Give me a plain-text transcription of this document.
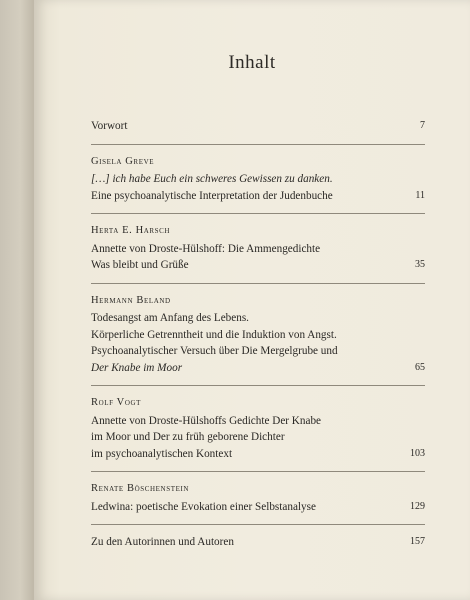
Inhalt
Vorwort	7
Gisela Greve
[…] ich habe Euch ein schweres Gewissen zu danken.
Eine psychoanalytische Interpretation der Judenbuche	11
Herta E. Harsch
Annette von Droste-Hülshoff: Die Ammengedichte
Was bleibt und Grüße	35
Hermann Beland
Todesangst am Anfang des Lebens.
Körperliche Getrenntheit und die Induktion von Angst.
Psychoanalytischer Versuch über Die Mergelgrube und
Der Knabe im Moor	65
Rolf Vogt
Annette von Droste-Hülshoffs Gedichte Der Knabe
im Moor und Der zu früh geborene Dichter
im psychoanalytischen Kontext	103
Renate Böschenstein
Ledwina: poetische Evokation einer Selbstanalyse	129
Zu den Autorinnen und Autoren	157
